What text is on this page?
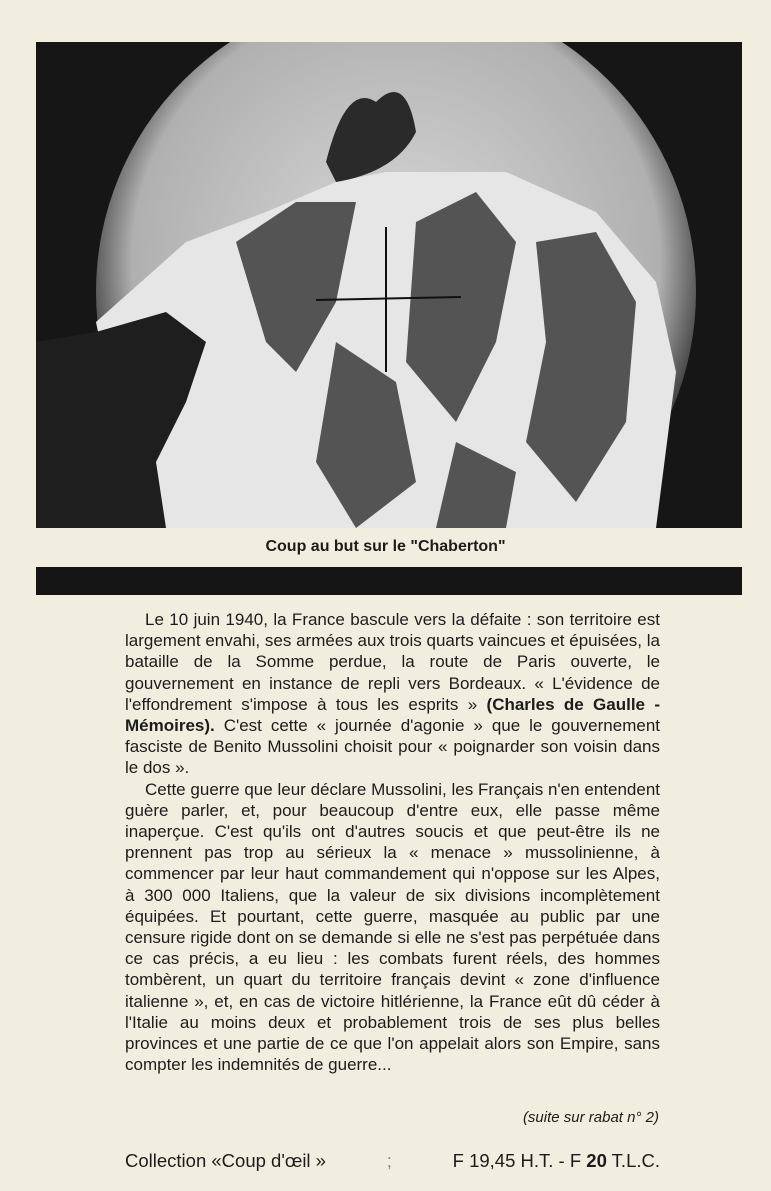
Coup au but sur le "Chaberton"

Le 10 juin 1940, la France bascule vers la défaite : son territoire est largement envahi, ses armées aux trois quarts vaincues et épuisées, la bataille de la Somme perdue, la route de Paris ouverte, le gouvernement en instance de repli vers Bordeaux. « L'évidence de l'effondrement s'impose à tous les esprits » (Charles de Gaulle - Mémoires). C'est cette « journée d'agonie » que le gouvernement fasciste de Benito Mussolini choisit pour « poignarder son voisin dans le dos ».

Cette guerre que leur déclare Mussolini, les Français n'en entendent guère parler, et, pour beaucoup d'entre eux, elle passe même inaperçue. C'est qu'ils ont d'autres soucis et que peut-être ils ne prennent pas trop au sérieux la « menace » mussolinienne, à commencer par leur haut commandement qui n'oppose sur les Alpes, à 300 000 Italiens, que la valeur de six divisions incomplètement équipées. Et pourtant, cette guerre, masquée au public par une censure rigide dont on se demande si elle ne s'est pas perpétuée dans ce cas précis, a eu lieu : les combats furent réels, des hommes tombèrent, un quart du territoire français devint « zone d'influence italienne », et, en cas de victoire hitlérienne, la France eût dû céder à l'Italie au moins deux et probablement trois de ses plus belles provinces et une partie de ce que l'on appelait alors son Empire, sans compter les indemnités de guerre...

(suite sur rabat n° 2)
Collection «Coup d'œil »	;	F 19,45 H.T. - F 20 T.L.C.
